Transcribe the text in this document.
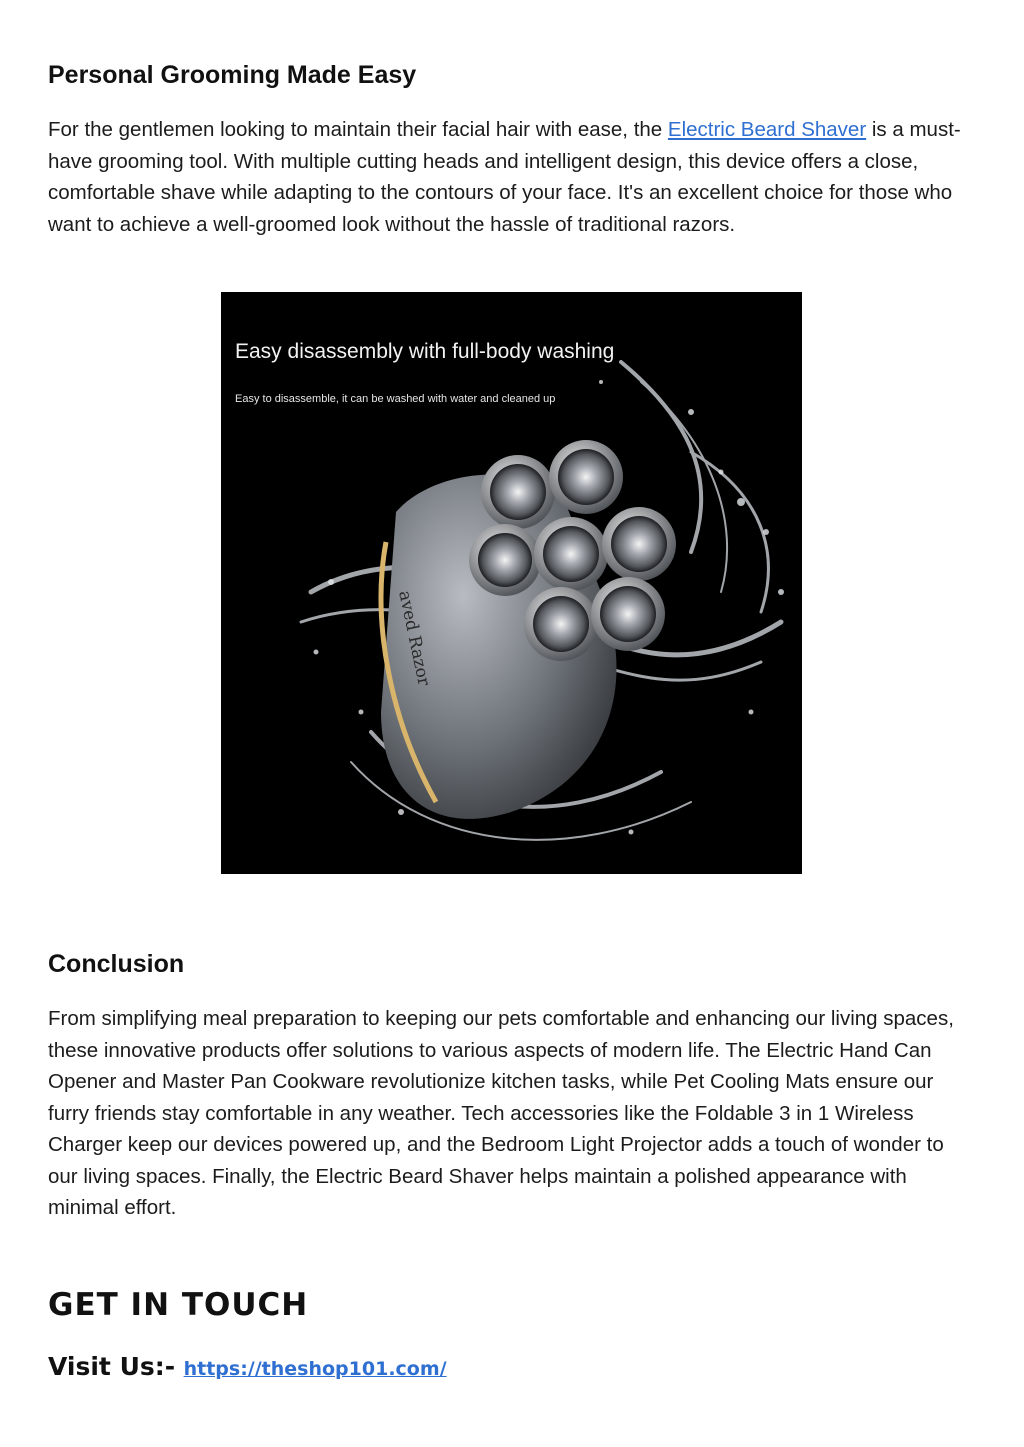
Personal Grooming Made Easy

For the gentlemen looking to maintain their facial hair with ease, the Electric Beard Shaver is a must-have grooming tool. With multiple cutting heads and intelligent design, this device offers a close, comfortable shave while adapting to the contours of your face. It's an excellent choice for those who want to achieve a well-groomed look without the hassle of traditional razors.

aved Razor

Easy disassembly with full-body washing

Easy to disassemble, it can be washed with water and cleaned up

Conclusion

From simplifying meal preparation to keeping our pets comfortable and enhancing our living spaces, these innovative products offer solutions to various aspects of modern life. The Electric Hand Can Opener and Master Pan Cookware revolutionize kitchen tasks, while Pet Cooling Mats ensure our furry friends stay comfortable in any weather. Tech accessories like the Foldable 3 in 1 Wireless Charger keep our devices powered up, and the Bedroom Light Projector adds a touch of wonder to our living spaces. Finally, the Electric Beard Shaver helps maintain a polished appearance with minimal effort.

GET IN TOUCH
Visit Us:- https://theshop101.com/
